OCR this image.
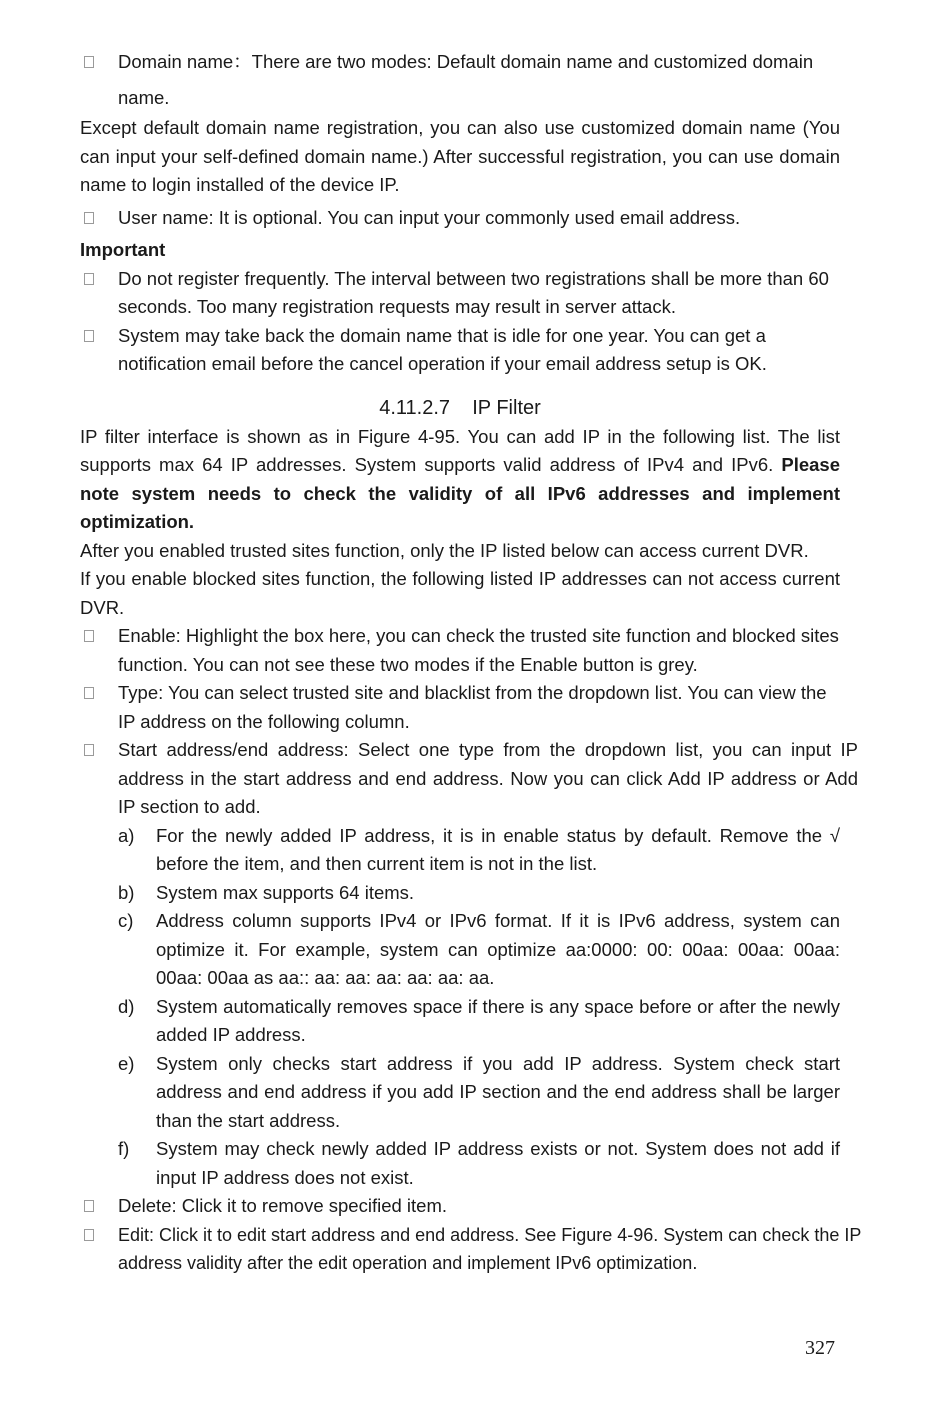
Domain name：There are two modes: Default domain name and customized domain
name.
Except default domain name registration, you can also use customized domain name (You can input your self-defined domain name.) After successful registration, you can use domain name to login installed of the device IP.
User name: It is optional. You can input your commonly used email address.
Important
Do not register frequently. The interval between two registrations shall be more than 60 seconds. Too many registration requests may result in server attack.
System may take back the domain name that is idle for one year. You can get a notification email before the cancel operation if your email address setup is OK.
4.11.2.7    IP Filter
IP filter interface is shown as in Figure 4-95. You can add IP in the following list. The list supports max 64 IP addresses. System supports valid address of IPv4 and IPv6. Please note system needs to check the validity of all IPv6 addresses and implement optimization.
After you enabled trusted sites function, only the IP listed below can access current DVR.
If you enable blocked sites function, the following listed IP addresses can not access current DVR.
Enable: Highlight the box here, you can check the trusted site function and blocked sites function. You can not see these two modes if the Enable button is grey.
Type: You can select trusted site and blacklist from the dropdown list. You can view the IP address on the following column.
Start address/end address: Select one type from the dropdown list, you can input IP address in the start address and end address. Now you can click Add IP address or Add IP section to add.
a) For the newly added IP address, it is in enable status by default. Remove the √ before the item, and then current item is not in the list.
b) System max supports 64 items.
c) Address column supports IPv4 or IPv6 format. If it is IPv6 address, system can optimize it. For example, system can optimize aa:0000: 00: 00aa: 00aa: 00aa: 00aa: 00aa as aa:: aa: aa: aa: aa: aa: aa.
d) System automatically removes space if there is any space before or after the newly added IP address.
e) System only checks start address if you add IP address. System check start address and end address if you add IP section and the end address shall be larger than the start address.
f) System may check newly added IP address exists or not. System does not add if input IP address does not exist.
Delete: Click it to remove specified item.
Edit: Click it to edit start address and end address. See Figure 4-96. System can check the IP address validity after the edit operation and implement IPv6 optimization.
327
